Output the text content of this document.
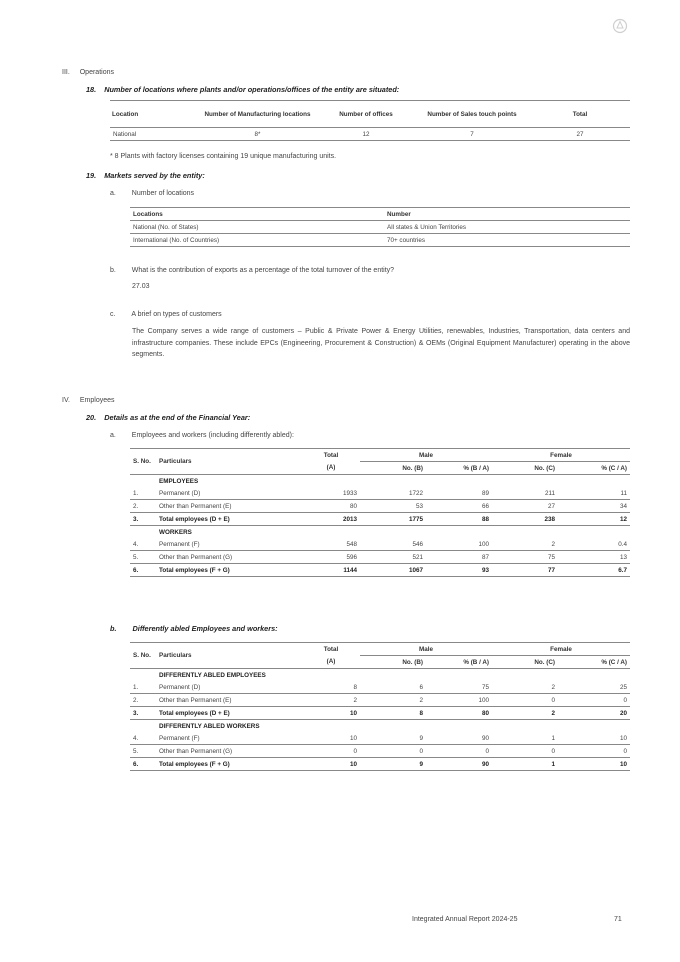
III. Operations
18. Number of locations where plants and/or operations/offices of the entity are situated:
Location	Number of Manufacturing locations	Number of offices	Number of Sales touch points	Total
National	8*	12	7	27
* 8 Plants with factory licenses containing 19 unique manufacturing units.
19. Markets served by the entity:
a. Number of locations
Locations	Number
National (No. of States)	All states & Union Territories
International (No. of Countries)	70+ countries
b. What is the contribution of exports as a percentage of the total turnover of the entity?
27.03
c. A brief on types of customers
The Company serves a wide range of customers – Public & Private Power & Energy Utilities, renewables, Industries, Transportation, data centers and infrastructure companies. These include EPCs (Engineering, Procurement & Construction) & OEMs (Original Equipment Manufacturer) operating in the above segments.
IV. Employees
20. Details as at the end of the Financial Year:
a. Employees and workers (including differently abled):
S. No.	Particulars	Total	Male		Female	
		(A)	No. (B)	% (B / A)	No. (C)	% (C / A)
	EMPLOYEES					
1.	Permanent (D)	1933	1722	89	211	11
2.	Other than Permanent (E)	80	53	66	27	34
3.	Total employees (D + E)	2013	1775	88	238	12
	WORKERS					
4.	Permanent (F)	548	546	100	2	0.4
5.	Other than Permanent (G)	596	521	87	75	13
6.	Total employees (F + G)	1144	1067	93	77	6.7
b. Differently abled Employees and workers:
S. No.	Particulars	Total	Male		Female	
		(A)	No. (B)	% (B / A)	No. (C)	% (C / A)
	DIFFERENTLY ABLED EMPLOYEES					
1.	Permanent (D)	8	6	75	2	25
2.	Other than Permanent (E)	2	2	100	0	0
3.	Total employees (D + E)	10	8	80	2	20
	DIFFERENTLY ABLED WORKERS					
4.	Permanent (F)	10	9	90	1	10
5.	Other than Permanent (G)	0	0	0	0	0
6.	Total employees (F + G)	10	9	90	1	10
Integrated Annual Report 2024-25	71
